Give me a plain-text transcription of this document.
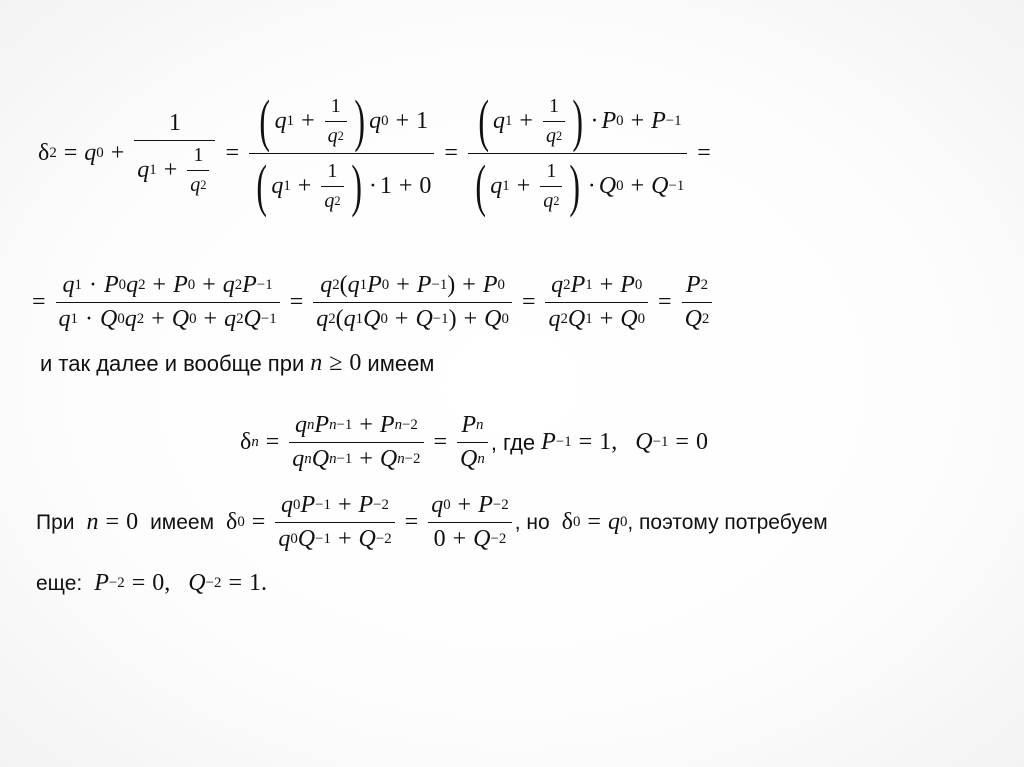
δ 2 = q $0 + \frac{1}{q 1 + \frac{1}{q 2}} = \frac{( q 1 + \frac{1}{q 2} ) q 0 + 1}{( q 1 + \frac{1}{q 2} ) \cdot 1 + 0} = \frac{( q 1 + \frac{1}{q 2} ) \cdot P 0 + P -1}{( q 1 + \frac{1}{q 2} ) \cdot Q 0 + Q -1}$ =
= $\frac{q 1 \cdot P 0 q 2 + P 0 + q 2 P -1}{q 1 \cdot Q 0 q 2 + Q 0 + q 2 Q -1} = \frac{q 2 ( q 1 P 0 + P -1 ) + P 0}{q 2 ( q 1 Q 0 + Q -1 ) + Q 0} = \frac{q 2 P 1 + P 0}{q 2 Q 1 + Q 0} = \frac{P 2}{Q 2}$
и так далее и вообще при n ≥ 0 имеем
δ $n = \frac{\text{q n P n−1 + P n−2}}{\text{q n Q n−1 + Q n−2}} = \frac{\text{P n}}{\text{Q n}}$ , где P −1 = 1, Q −1 = 0
При n = 0 имеем δ $0 = \frac{q 0 P -1 + P -2}{q 0 Q -1 + Q -2} = \frac{q 0 + P -2}{0 + Q -2}$ , но δ 0 = q 0 , поэтому потребуем
еще: P −2 = 0, Q −2 = 1.
